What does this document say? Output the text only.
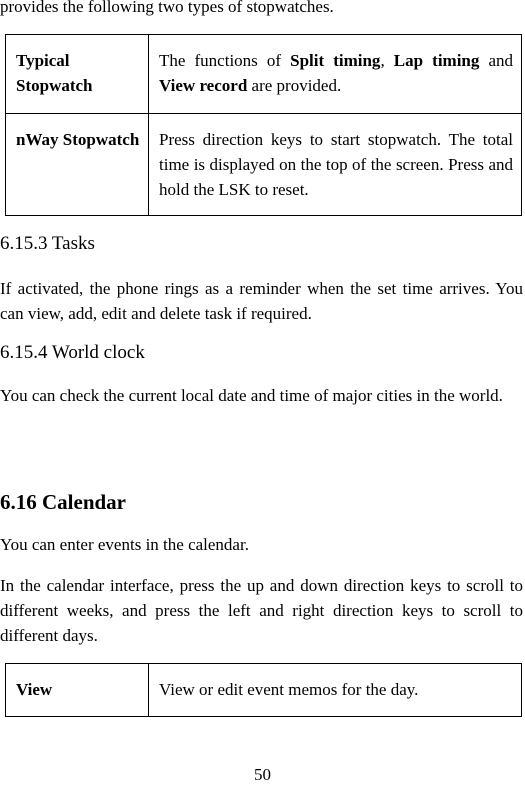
provides the following two types of stopwatches.
Typical Stopwatch	The functions of Split timing, Lap timing and View record are provided.
nWay Stopwatch	Press direction keys to start stopwatch. The total time is displayed on the top of the screen. Press and hold the LSK to reset.
6.15.3 Tasks
If activated, the phone rings as a reminder when the set time arrives. You can view, add, edit and delete task if required.
6.15.4 World clock
You can check the current local date and time of major cities in the world.
6.16 Calendar
You can enter events in the calendar.
In the calendar interface, press the up and down direction keys to scroll to different weeks, and press the left and right direction keys to scroll to different days.
View	View or edit event memos for the day.
50
